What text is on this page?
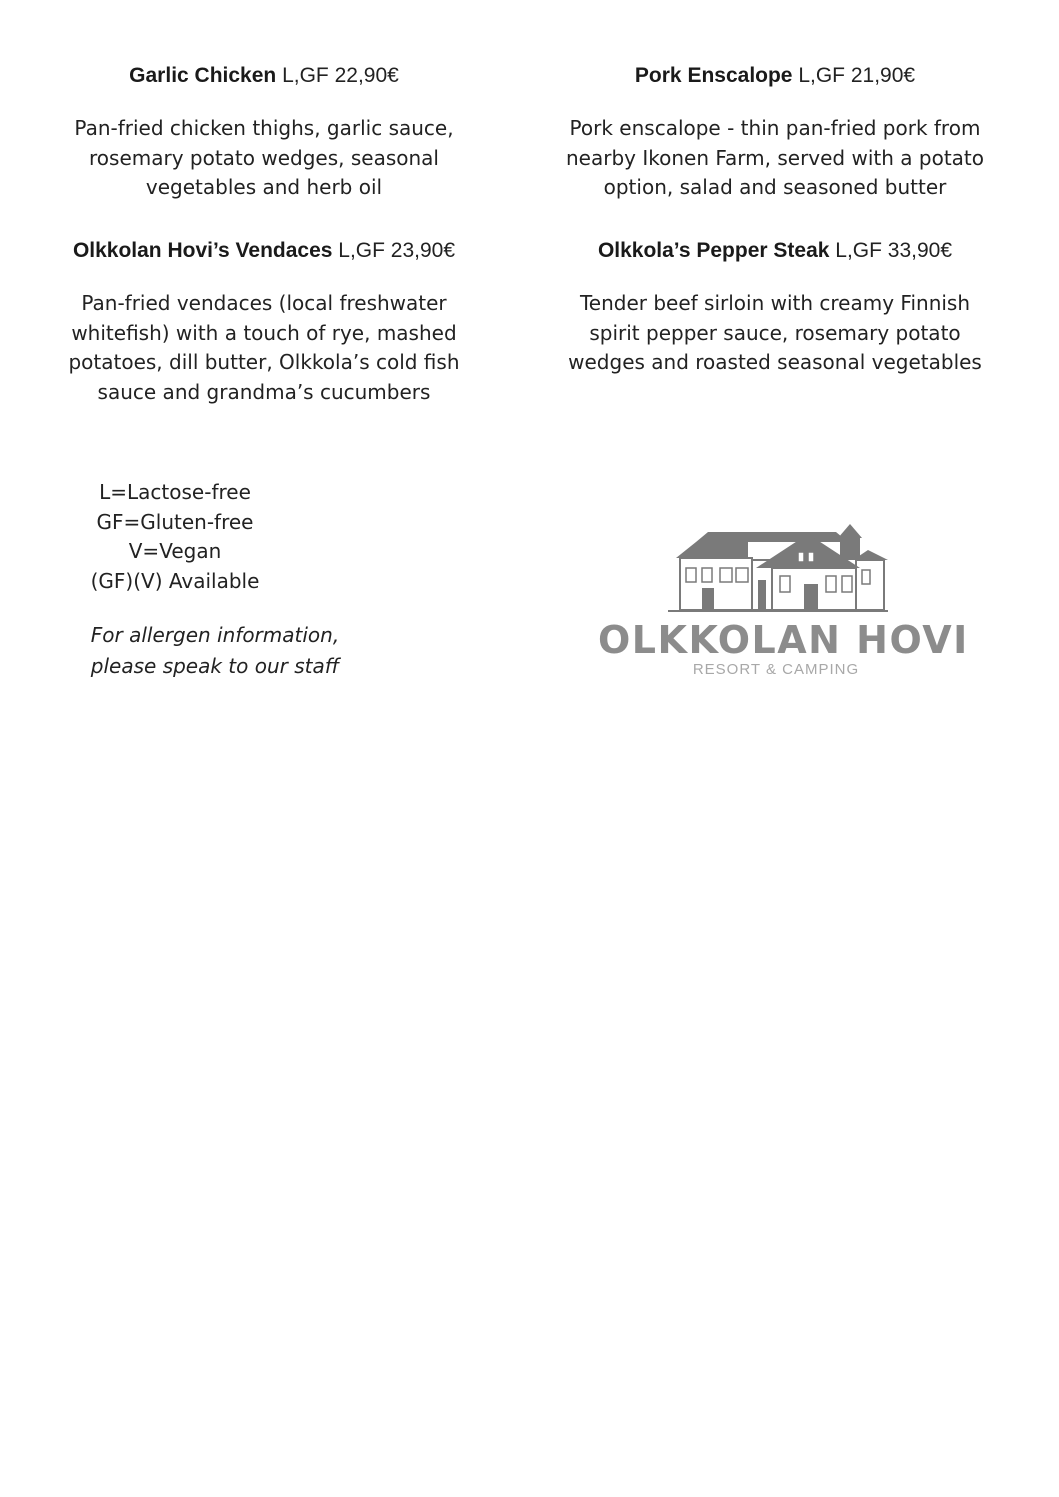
Garlic Chicken L,GF 22,90€
Pan-fried chicken thighs, garlic sauce, rosemary potato wedges, seasonal vegetables and herb oil
Pork Enscalope L,GF 21,90€
Pork enscalope - thin pan-fried pork from nearby Ikonen Farm, served with a potato option, salad and seasoned butter
Olkkolan Hovi’s Vendaces L,GF 23,90€
Pan-fried vendaces (local freshwater whitefish) with a touch of rye, mashed potatoes, dill butter, Olkkola’s cold fish sauce and grandma’s cucumbers
Olkkola’s Pepper Steak L,GF 33,90€
Tender beef sirloin with creamy Finnish spirit pepper sauce, rosemary potato wedges and roasted seasonal vegetables
L=Lactose-free
GF=Gluten-free
V=Vegan
(GF)(V) Available
For allergen information,
please speak to our staff
OLKKOLAN HOVI
RESORT & CAMPING
